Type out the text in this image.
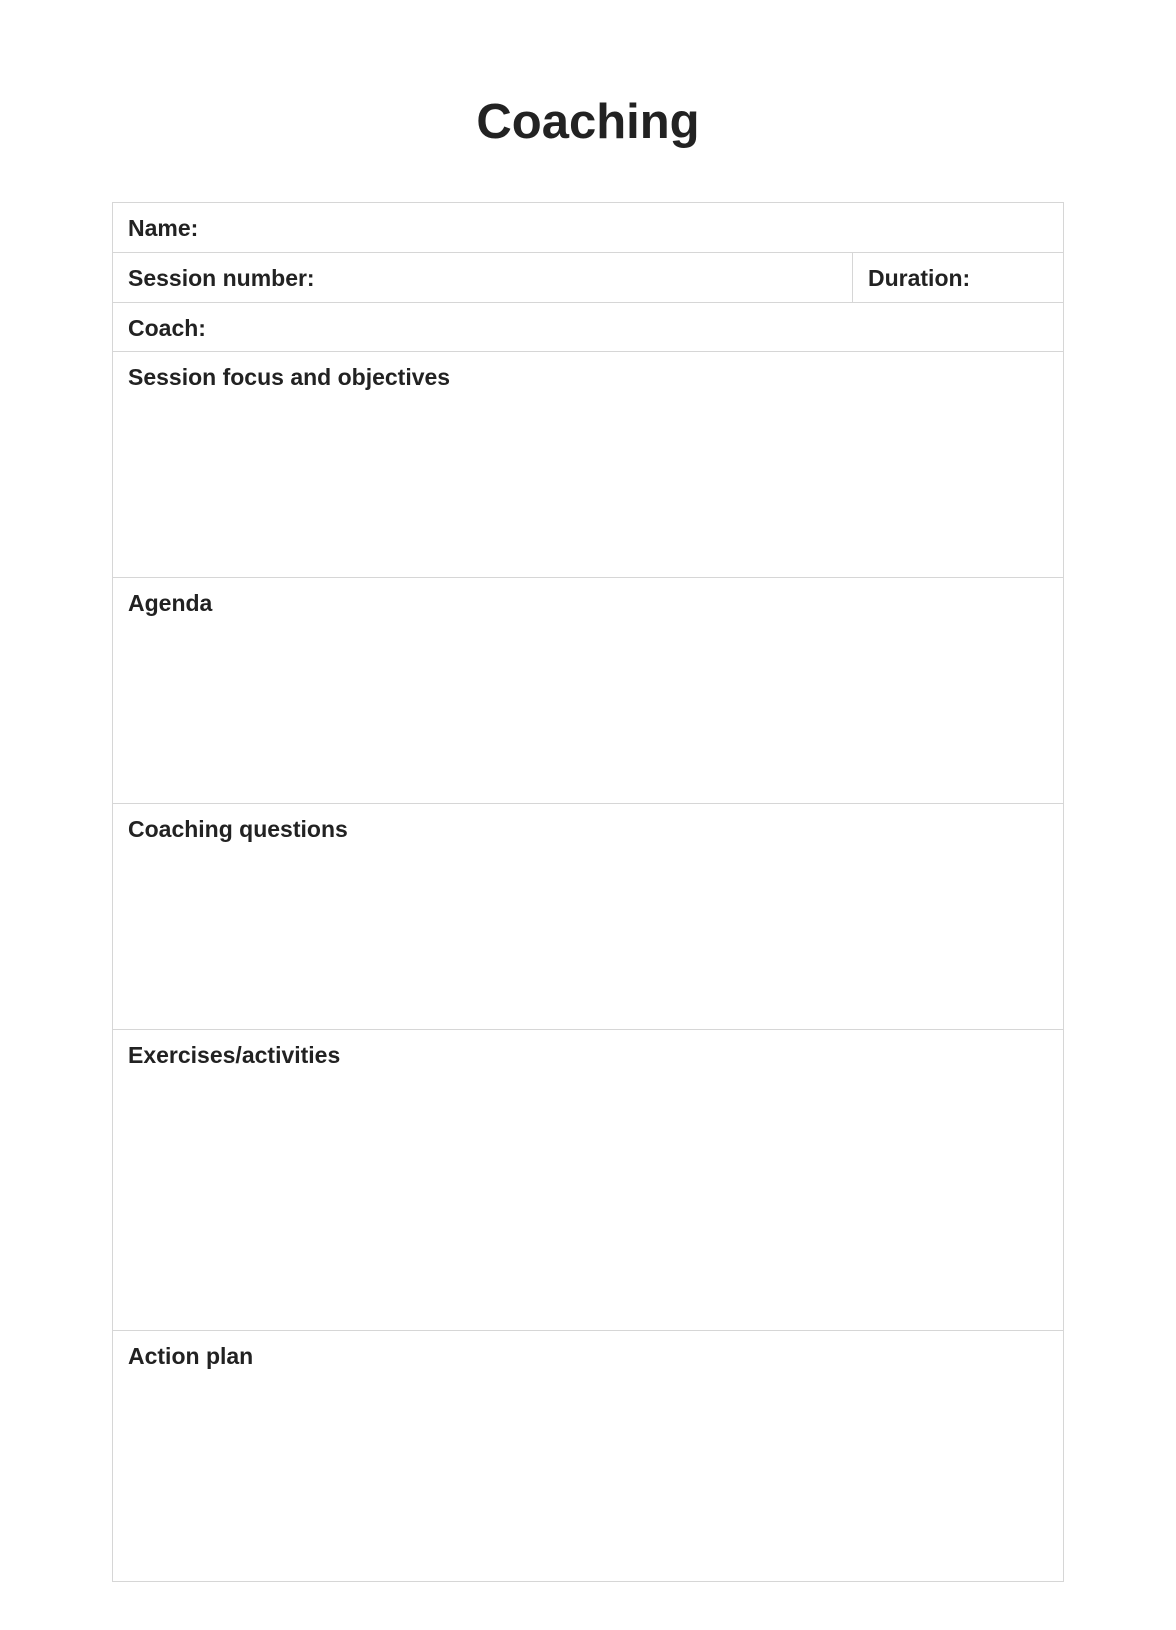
Coaching
Name:
Session number:	Duration:
Coach:
Session focus and objectives
Agenda
Coaching questions
Exercises/activities
Action plan
